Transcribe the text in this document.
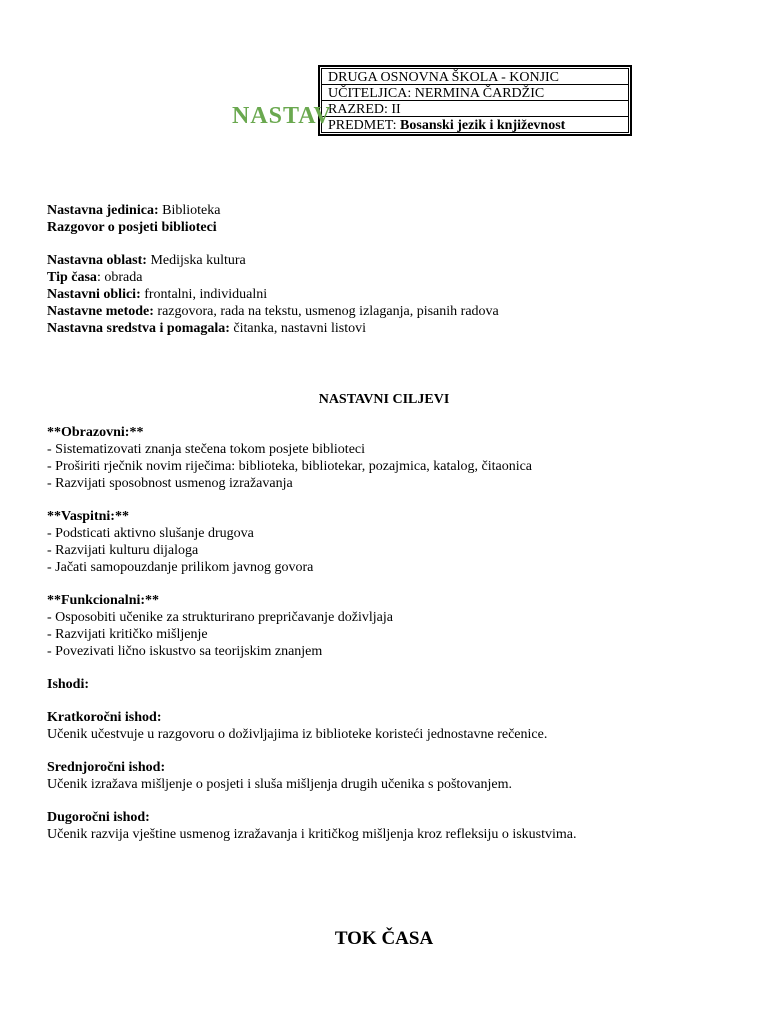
DRUGA OSNOVNA ŠKOLA - KONJIC
UČITELJICA: NERMINA ČARDŽIC
RAZRED: II
PREDMET: Bosanski jezik i književnost
NASTAV
Nastavna jedinica: Biblioteka
Razgovor o posjeti biblioteci
Nastavna oblast: Medijska kultura
Tip časa: obrada
Nastavni oblici: frontalni, individualni
Nastavne metode: razgovora, rada na tekstu, usmenog izlaganja, pisanih radova
Nastavna sredstva i pomagala: čitanka, nastavni listovi
NASTAVNI CILJEVI
**Obrazovni:**
- Sistematizovati znanja stečena tokom posjete biblioteci
- Proširiti rječnik novim riječima: biblioteka, bibliotekar, pozajmica, katalog, čitaonica
- Razvijati sposobnost usmenog izražavanja
**Vaspitni:**
- Podsticati aktivno slušanje drugova
- Razvijati kulturu dijaloga
- Jačati samopouzdanje prilikom javnog govora
**Funkcionalni:**
- Osposobiti učenike za strukturirano prepričavanje doživljaja
- Razvijati kritičko mišljenje
- Povezivati lično iskustvo sa teorijskim znanjem
Ishodi:
Kratkoročni ishod:
Učenik učestvuje u razgovoru o doživljajima iz biblioteke koristeći jednostavne rečenice.
Srednjoročni ishod:
Učenik izražava mišljenje o posjeti i sluša mišljenja drugih učenika s poštovanjem.
Dugoročni ishod:
Učenik razvija vještine usmenog izražavanja i kritičkog mišljenja kroz refleksiju o iskustvima.
TOK ČASA
